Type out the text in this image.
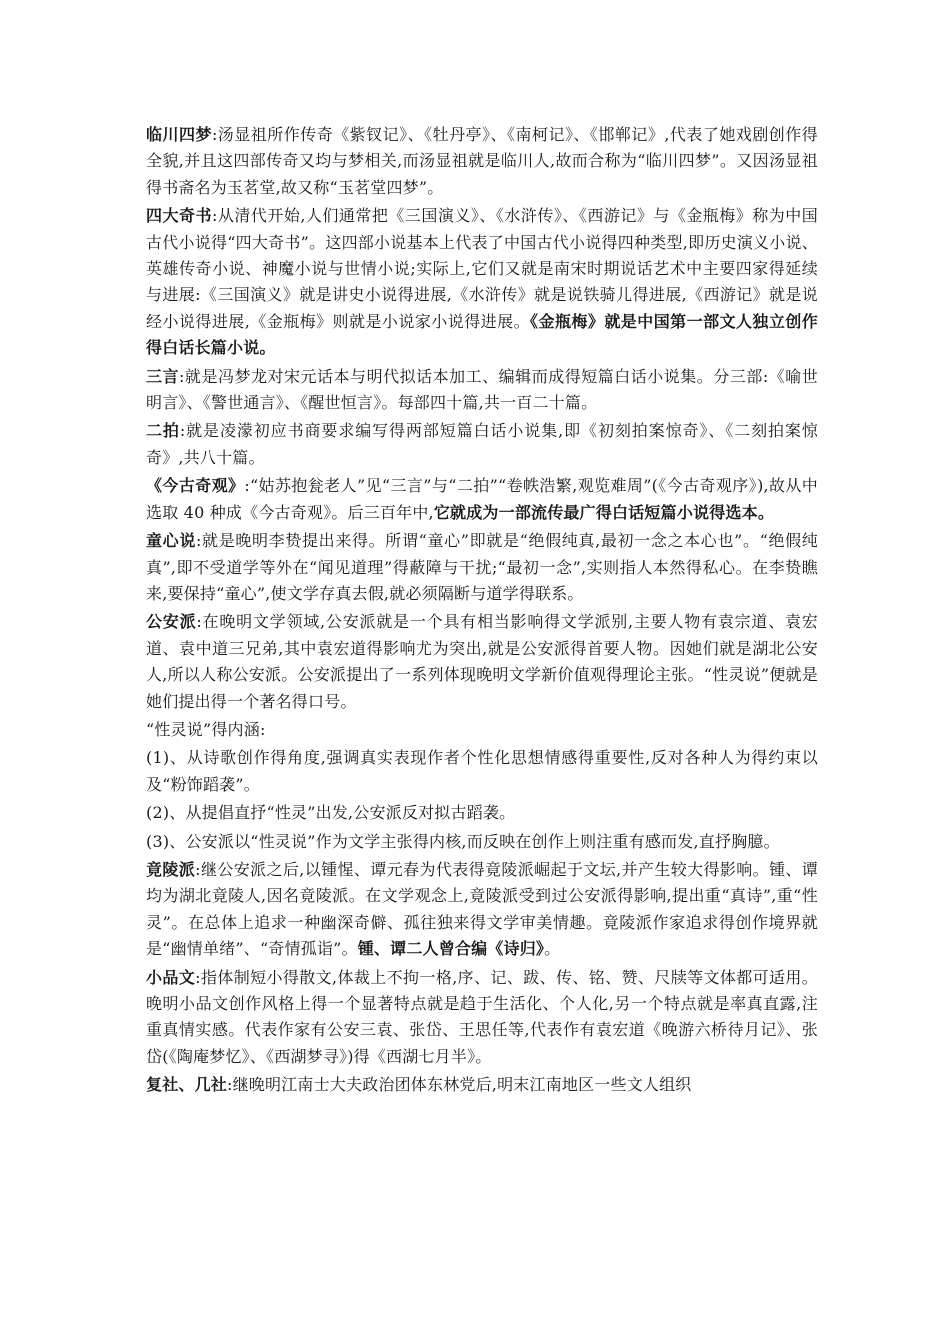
临川四梦:汤显祖所作传奇《紫钗记》、《牡丹亭》、《南柯记》、《邯郸记》,代表了她戏剧创作得全貌,并且这四部传奇又均与梦相关,而汤显祖就是临川人,故而合称为“临川四梦”。又因汤显祖得书斋名为玉茗堂,故又称“玉茗堂四梦”。

四大奇书:从清代开始,人们通常把《三国演义》、《水浒传》、《西游记》与《金瓶梅》称为中国古代小说得“四大奇书”。这四部小说基本上代表了中国古代小说得四种类型,即历史演义小说、英雄传奇小说、神魔小说与世情小说;实际上,它们又就是南宋时期说话艺术中主要四家得延续与进展:《三国演义》就是讲史小说得进展,《水浒传》就是说铁骑儿得进展,《西游记》就是说经小说得进展,《金瓶梅》则就是小说家小说得进展。《金瓶梅》就是中国第一部文人独立创作得白话长篇小说。

三言:就是冯梦龙对宋元话本与明代拟话本加工、编辑而成得短篇白话小说集。分三部:《喻世明言》、《警世通言》、《醒世恒言》。每部四十篇,共一百二十篇。

二拍:就是凌濛初应书商要求编写得两部短篇白话小说集,即《初刻拍案惊奇》、《二刻拍案惊奇》,共八十篇。

《今古奇观》:“姑苏抱瓮老人”见“三言”与“二拍”“卷帙浩繁,观览难周”(《今古奇观序》),故从中选取 40 种成《今古奇观》。后三百年中,它就成为一部流传最广得白话短篇小说得选本。

童心说:就是晚明李贽提出来得。所谓“童心”即就是“绝假纯真,最初一念之本心也”。“绝假纯真”,即不受道学等外在“闻见道理”得蔽障与干扰;“最初一念”,实则指人本然得私心。在李贽瞧来,要保持“童心”,使文学存真去假,就必须隔断与道学得联系。

公安派:在晚明文学领域,公安派就是一个具有相当影响得文学派别,主要人物有袁宗道、袁宏道、袁中道三兄弟,其中袁宏道得影响尤为突出,就是公安派得首要人物。因她们就是湖北公安人,所以人称公安派。公安派提出了一系列体现晚明文学新价值观得理论主张。“性灵说”便就是她们提出得一个著名得口号。

“性灵说”得内涵:

(1)、从诗歌创作得角度,强调真实表现作者个性化思想情感得重要性,反对各种人为得约束以及“粉饰蹈袭”。

(2)、从提倡直抒“性灵”出发,公安派反对拟古蹈袭。

(3)、公安派以“性灵说”作为文学主张得内核,而反映在创作上则注重有感而发,直抒胸臆。

竟陵派:继公安派之后,以锺惺、谭元春为代表得竟陵派崛起于文坛,并产生较大得影响。锺、谭均为湖北竟陵人,因名竟陵派。在文学观念上,竟陵派受到过公安派得影响,提出重“真诗”,重“性灵”。在总体上追求一种幽深奇僻、孤往独来得文学审美情趣。竟陵派作家追求得创作境界就是“幽情单绪”、“奇情孤诣”。锺、谭二人曾合编《诗归》。

小品文:指体制短小得散文,体裁上不拘一格,序、记、跋、传、铭、赞、尺牍等文体都可适用。晚明小品文创作风格上得一个显著特点就是趋于生活化、个人化,另一个特点就是率真直露,注重真情实感。代表作家有公安三袁、张岱、王思任等,代表作有袁宏道《晚游六桥待月记》、张岱(《陶庵梦忆》、《西湖梦寻》)得《西湖七月半》。

复社、几社:继晚明江南士大夫政治团体东林党后,明末江南地区一些文人组织
